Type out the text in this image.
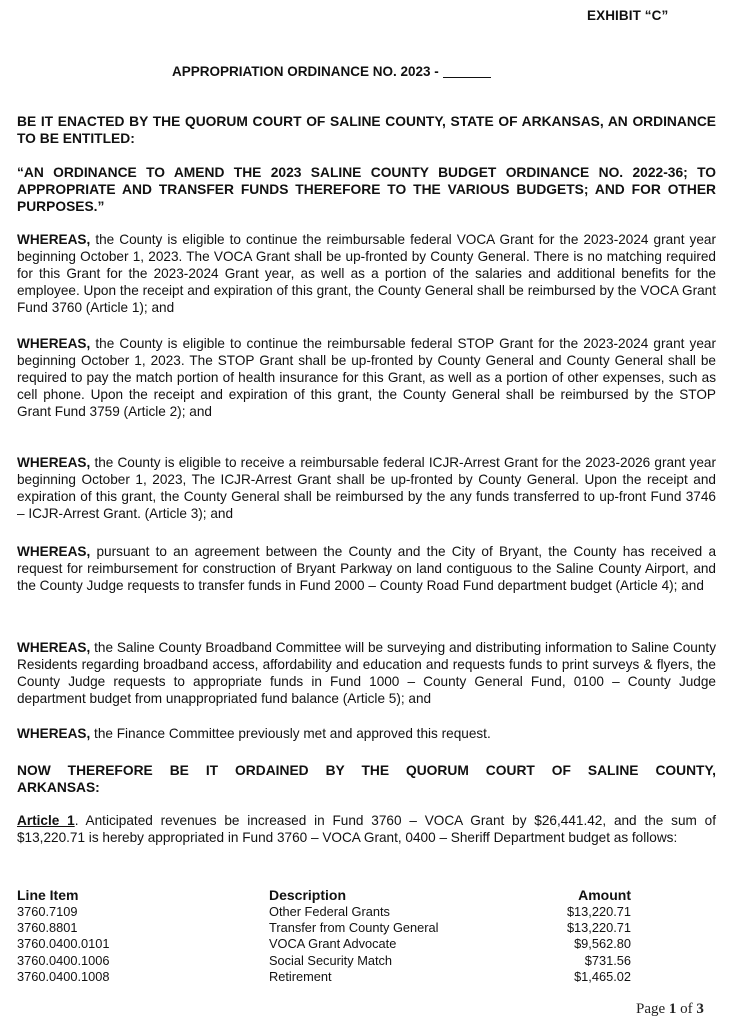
EXHIBIT “C”
APPROPRIATION ORDINANCE NO. 2023 -
BE IT ENACTED BY THE QUORUM COURT OF SALINE COUNTY, STATE OF ARKANSAS, AN ORDINANCE TO BE ENTITLED:
“AN ORDINANCE TO AMEND THE 2023 SALINE COUNTY BUDGET ORDINANCE NO. 2022-36; TO APPROPRIATE AND TRANSFER FUNDS THEREFORE TO THE VARIOUS BUDGETS; AND FOR OTHER PURPOSES.”
WHEREAS, the County is eligible to continue the reimbursable federal VOCA Grant for the 2023-2024 grant year beginning October 1, 2023. The VOCA Grant shall be up-fronted by County General. There is no matching required for this Grant for the 2023-2024 Grant year, as well as a portion of the salaries and additional benefits for the employee. Upon the receipt and expiration of this grant, the County General shall be reimbursed by the VOCA Grant Fund 3760 (Article 1); and
WHEREAS, the County is eligible to continue the reimbursable federal STOP Grant for the 2023-2024 grant year beginning October 1, 2023. The STOP Grant shall be up-fronted by County General and County General shall be required to pay the match portion of health insurance for this Grant, as well as a portion of other expenses, such as cell phone. Upon the receipt and expiration of this grant, the County General shall be reimbursed by the STOP Grant Fund 3759 (Article 2); and
WHEREAS, the County is eligible to receive a reimbursable federal ICJR-Arrest Grant for the 2023-2026 grant year beginning October 1, 2023, The ICJR-Arrest Grant shall be up-fronted by County General. Upon the receipt and expiration of this grant, the County General shall be reimbursed by the any funds transferred to up-front Fund 3746 – ICJR-Arrest Grant. (Article 3); and
WHEREAS, pursuant to an agreement between the County and the City of Bryant, the County has received a request for reimbursement for construction of Bryant Parkway on land contiguous to the Saline County Airport, and the County Judge requests to transfer funds in Fund 2000 – County Road Fund department budget (Article 4); and
WHEREAS, the Saline County Broadband Committee will be surveying and distributing information to Saline County Residents regarding broadband access, affordability and education and requests funds to print surveys & flyers, the County Judge requests to appropriate funds in Fund 1000 – County General Fund, 0100 – County Judge department budget from unappropriated fund balance (Article 5); and
WHEREAS, the Finance Committee previously met and approved this request.
NOW THEREFORE BE IT ORDAINED BY THE QUORUM COURT OF SALINE COUNTY, ARKANSAS:
Article 1. Anticipated revenues be increased in Fund 3760 – VOCA Grant by $26,441.42, and the sum of $13,220.71 is hereby appropriated in Fund 3760 – VOCA Grant, 0400 – Sheriff Department budget as follows:
Line Item	Description	Amount
3760.7109	Other Federal Grants	$13,220.71
3760.8801	Transfer from County General	$13,220.71
3760.0400.0101	VOCA Grant Advocate	$9,562.80
3760.0400.1006	Social Security Match	$731.56
3760.0400.1008	Retirement	$1,465.02
Page 1 of 3
